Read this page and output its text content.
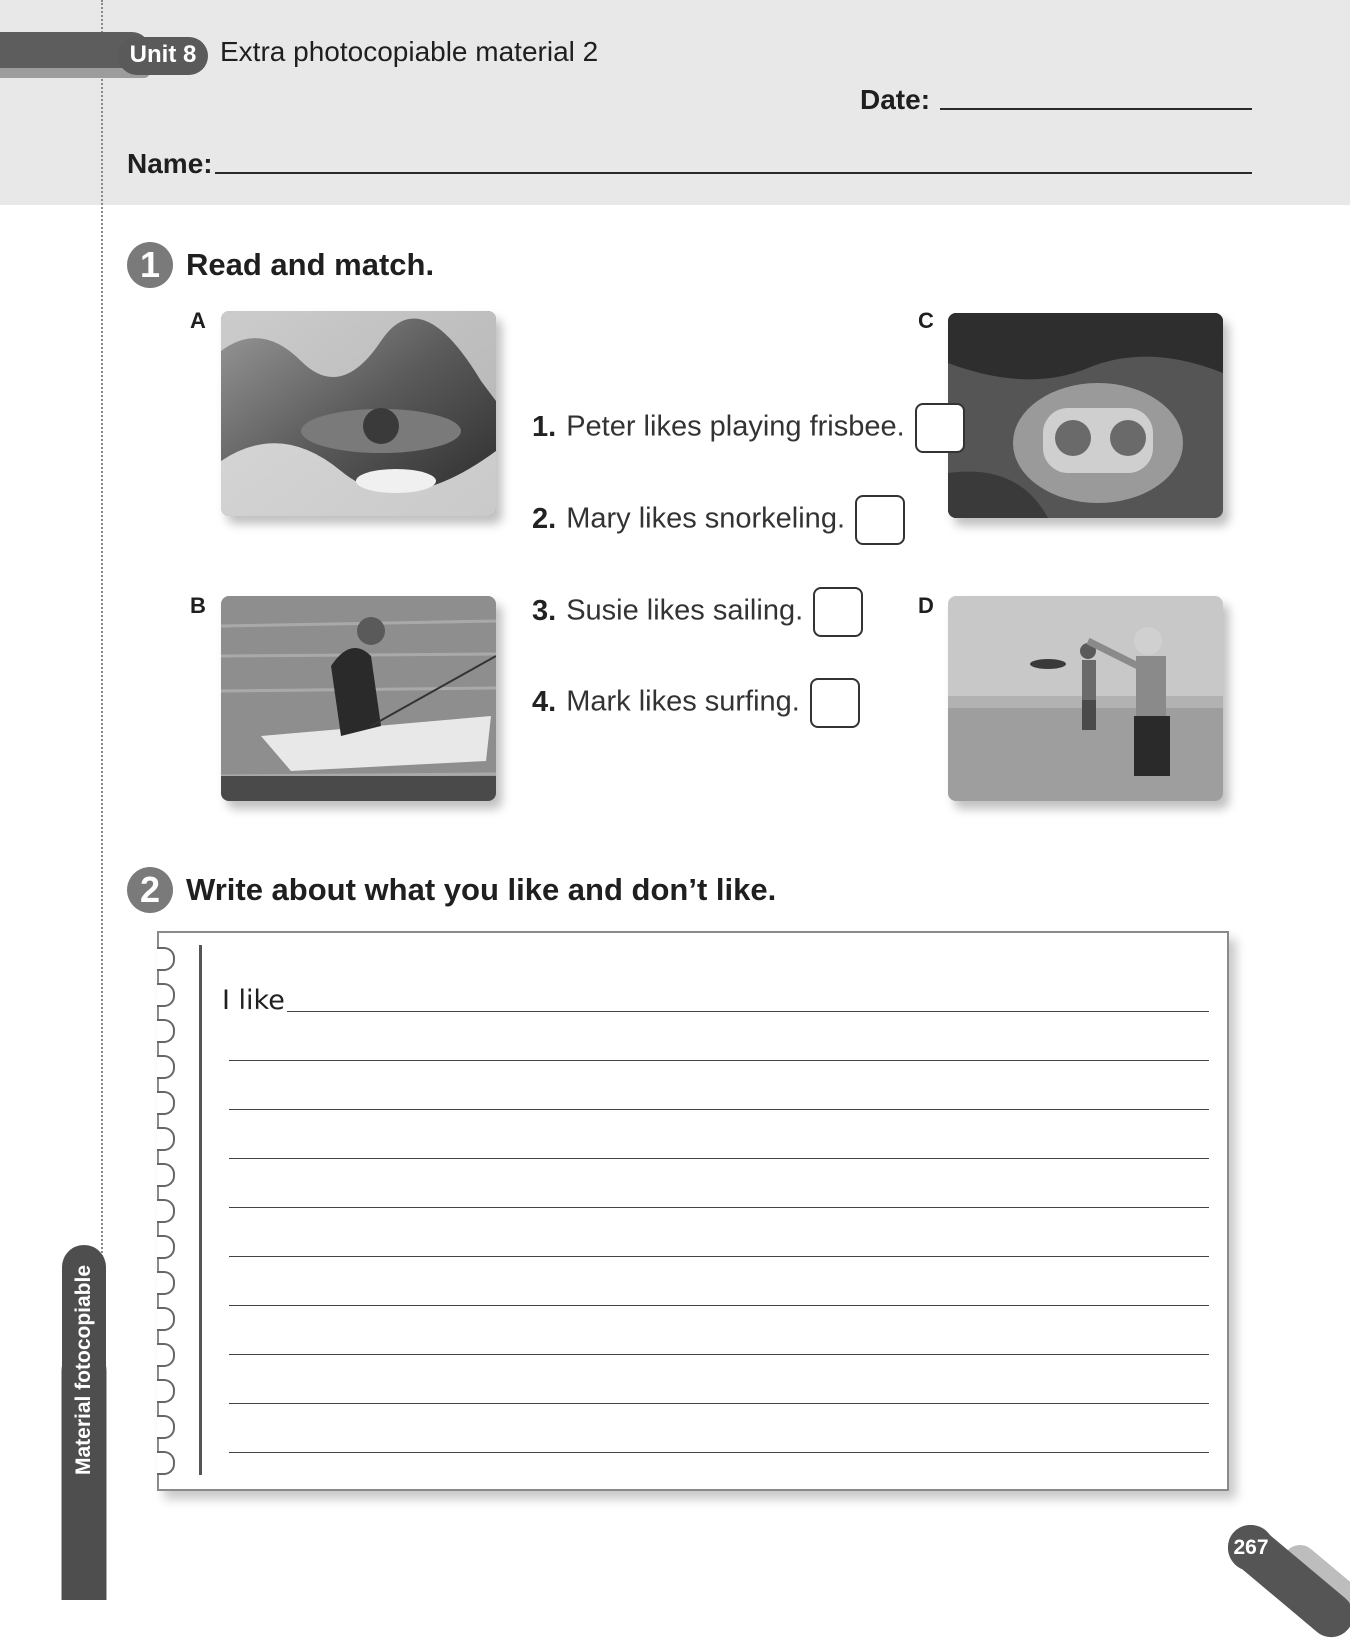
Unit 8 Extra photocopiable material 2
Date:
Name:
1 Read and match.
A
B
C
D
1. Peter likes playing frisbee.
2. Mary likes snorkeling.
3. Susie likes sailing.
4. Mark likes surfing.
2 Write about what you like and don’t like.
I like
Material fotocopiable
267
